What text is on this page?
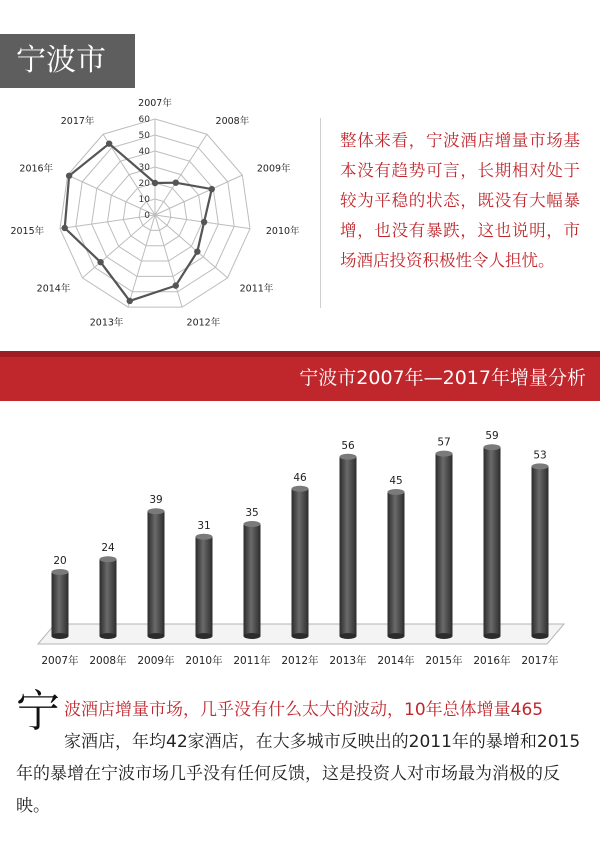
宁波市
0
10
20
30
40
50
60
2007年
2008年
2009年
2010年
2011年
2012年
2013年
2014年
2015年
2016年
2017年

整体来看，宁波酒店增量市场基本没有趋势可言，长期相对处于较为平稳的状态，既没有大幅暴增，也没有暴跌，这也说明，市场酒店投资积极性令人担忧。

宁波市2007年—2017年增量分析
20
2007年
24
2008年
39
2009年
31
2010年
35
2011年
46
2012年
56
2013年
45
2014年
57
2015年
59
2016年
53
2017年

宁波酒店增量市场，几乎没有什么太大的波动，10年总体增量465
家酒店，年均42家酒店，在大多城市反映出的2011年的暴增和2015年的暴增在宁波市场几乎没有任何反馈，这是投资人对市场最为消极的反映。
